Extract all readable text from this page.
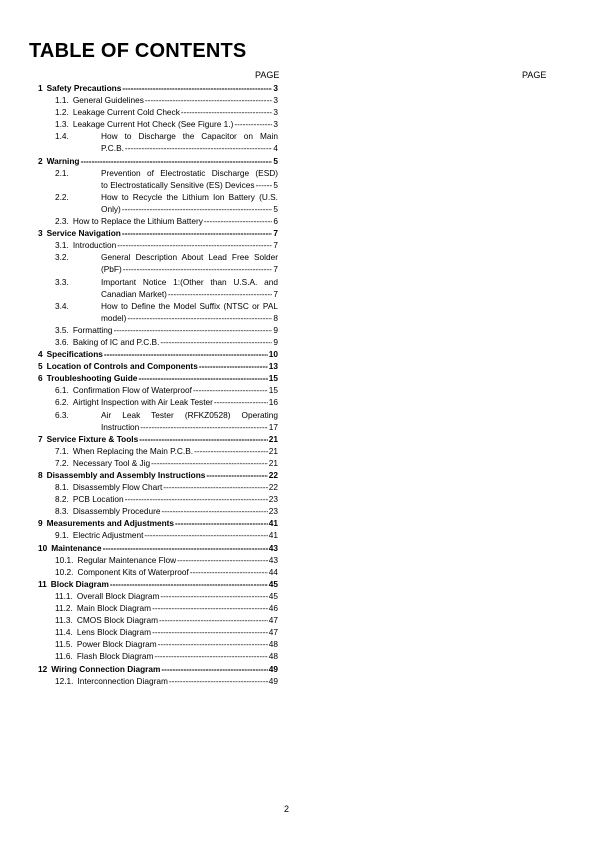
TABLE OF CONTENTS
PAGE	PAGE
1 Safety Precautions -----	3
1.1. General Guidelines -----	3
1.2. Leakage Current Cold Check -----	3
1.3. Leakage Current Hot Check (See Figure 1.) -----	3
1.4.	How to Discharge the Capacitor on Main
P.C.B. -----	4
2 Warning -----	5
2.1.	Prevention of Electrostatic Discharge (ESD)
to Electrostatically Sensitive (ES) Devices ----- 5
2.2.	How to Recycle the Lithium Ion Battery (U.S.
Only) -----	5
2.3. How to Replace the Lithium Battery -----	6
3 Service Navigation -----	7
3.1. Introduction -----	7
3.2.	General Description About Lead Free Solder
(PbF) -----	7
3.3.	Important Notice 1:(Other than U.S.A. and
Canadian Market) -----	7
3.4.	How to Define the Model Suffix (NTSC or PAL
model) -----	8
3.5. Formatting -----	9
3.6. Baking of IC and P.C.B. -----	9
4 Specifications -----	10
5 Location of Controls and Components -----	13
6 Troubleshooting Guide -----	15
6.1. Confirmation Flow of Waterproof -----	15
6.2. Airtight Inspection with Air Leak Tester -----	16
6.3.	Air Leak Tester (RFKZ0528) Operating
Instruction -----	17
7 Service Fixture & Tools -----	21
7.1. When Replacing the Main P.C.B. -----	21
7.2. Necessary Tool & Jig -----	21
8 Disassembly and Assembly Instructions -----	22
8.1. Disassembly Flow Chart -----	22
8.2. PCB Location -----	23
8.3. Disassembly Procedure -----	23
9 Measurements and Adjustments -----	41
9.1. Electric Adjustment -----	41
10 Maintenance -----	43
10.1. Regular Maintenance Flow -----	43
10.2. Component Kits of Waterproof -----	44
11 Block Diagram -----	45
11.1. Overall Block Diagram -----	45
11.2. Main Block Diagram -----	46
11.3. CMOS Block Diagram -----	47
11.4. Lens Block Diagram -----	47
11.5. Power Block Diagram -----	48
11.6. Flash Block Diagram -----	48
12 Wiring Connection Diagram -----	49
12.1. Interconnection Diagram -----	49
2
